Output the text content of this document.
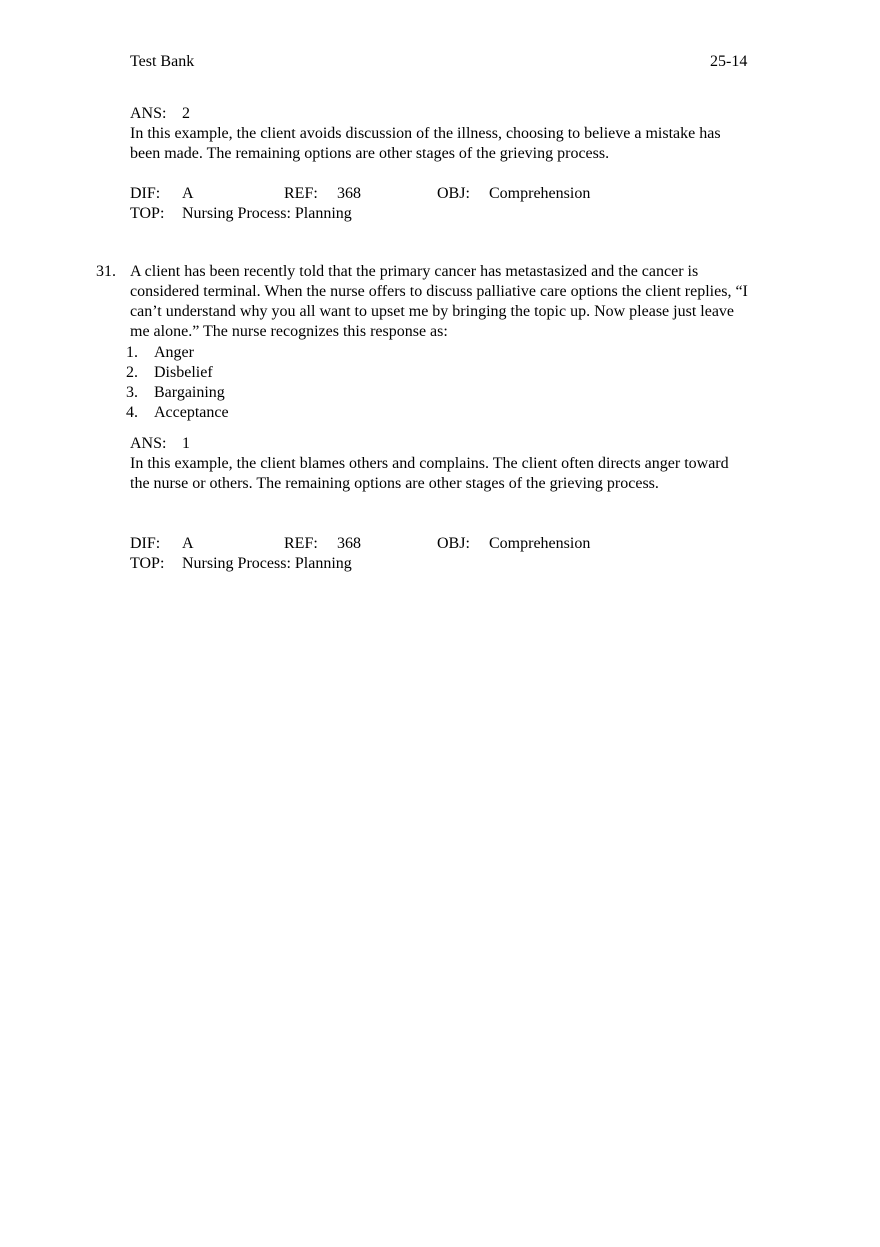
Test Bank	25-14
ANS: 2
In this example, the client avoids discussion of the illness, choosing to believe a mistake has been made. The remaining options are other stages of the grieving process.
DIF: A	REF: 368	OBJ: Comprehension
TOP: Nursing Process: Planning
31. A client has been recently told that the primary cancer has metastasized and the cancer is considered terminal. When the nurse offers to discuss palliative care options the client replies, “I can’t understand why you all want to upset me by bringing the topic up. Now please just leave me alone.” The nurse recognizes this response as:
1. Anger
2. Disbelief
3. Bargaining
4. Acceptance
ANS: 1
In this example, the client blames others and complains. The client often directs anger toward the nurse or others. The remaining options are other stages of the grieving process.
DIF: A	REF: 368	OBJ: Comprehension
TOP: Nursing Process: Planning
